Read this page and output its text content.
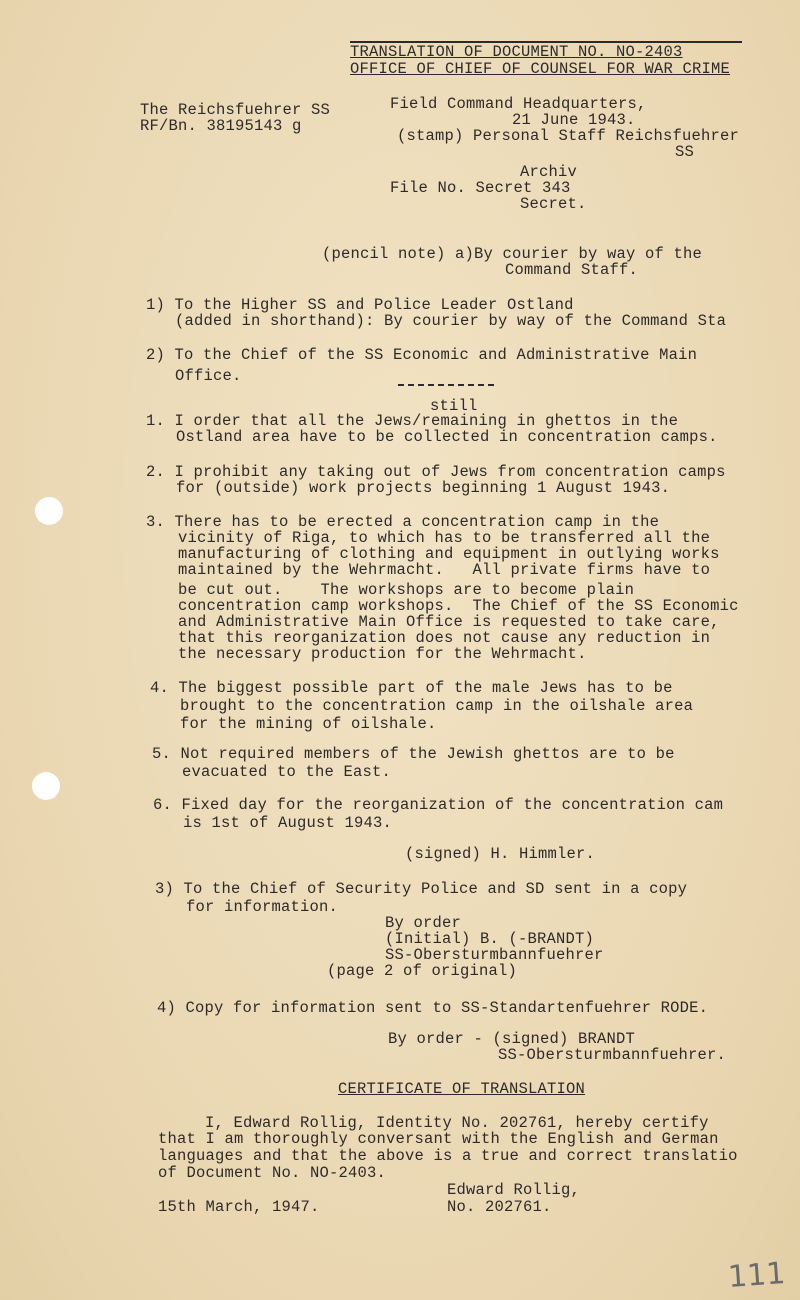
TRANSLATION OF DOCUMENT NO. NO-2403
OFFICE OF CHIEF OF COUNSEL FOR WAR CRIME
The Reichsfuehrer SS
RF/Bn. 38195143 g
Field Command Headquarters,
21 June 1943.
(stamp) Personal Staff Reichsfuehrer
SS
Archiv
File No. Secret 343
Secret.
(pencil note) a)By courier by way of the
Command Staff.
1) To the Higher SS and Police Leader Ostland
(added in shorthand): By courier by way of the Command Sta
2) To the Chief of the SS Economic and Administrative Main
Office.
still
1. I order that all the Jews/remaining in ghettos in the
Ostland area have to be collected in concentration camps.
2. I prohibit any taking out of Jews from concentration camps
for (outside) work projects beginning 1 August 1943.
3. There has to be erected a concentration camp in the
vicinity of Riga, to which has to be transferred all the
manufacturing of clothing and equipment in outlying works
maintained by the Wehrmacht.   All private firms have to
be cut out.    The workshops are to become plain
concentration camp workshops.  The Chief of the SS Economic
and Administrative Main Office is requested to take care,
that this reorganization does not cause any reduction in
the necessary production for the Wehrmacht.
4. The biggest possible part of the male Jews has to be
brought to the concentration camp in the oilshale area
for the mining of oilshale.
5. Not required members of the Jewish ghettos are to be
evacuated to the East.
6. Fixed day for the reorganization of the concentration cam
is 1st of August 1943.
(signed) H. Himmler.
3) To the Chief of Security Police and SD sent in a copy
for information.
By order
(Initial) B. (-BRANDT)
SS-Obersturmbannfuehrer
(page 2 of original)
4) Copy for information sent to SS-Standartenfuehrer RODE.
By order - (signed) BRANDT
SS-Obersturmbannfuehrer.
CERTIFICATE OF TRANSLATION
I, Edward Rollig, Identity No. 202761, hereby certify
that I am thoroughly conversant with the English and German
languages and that the above is a true and correct translatio
of Document No. NO-2403.
Edward Rollig,
15th March, 1947.	No. 202761.
111
